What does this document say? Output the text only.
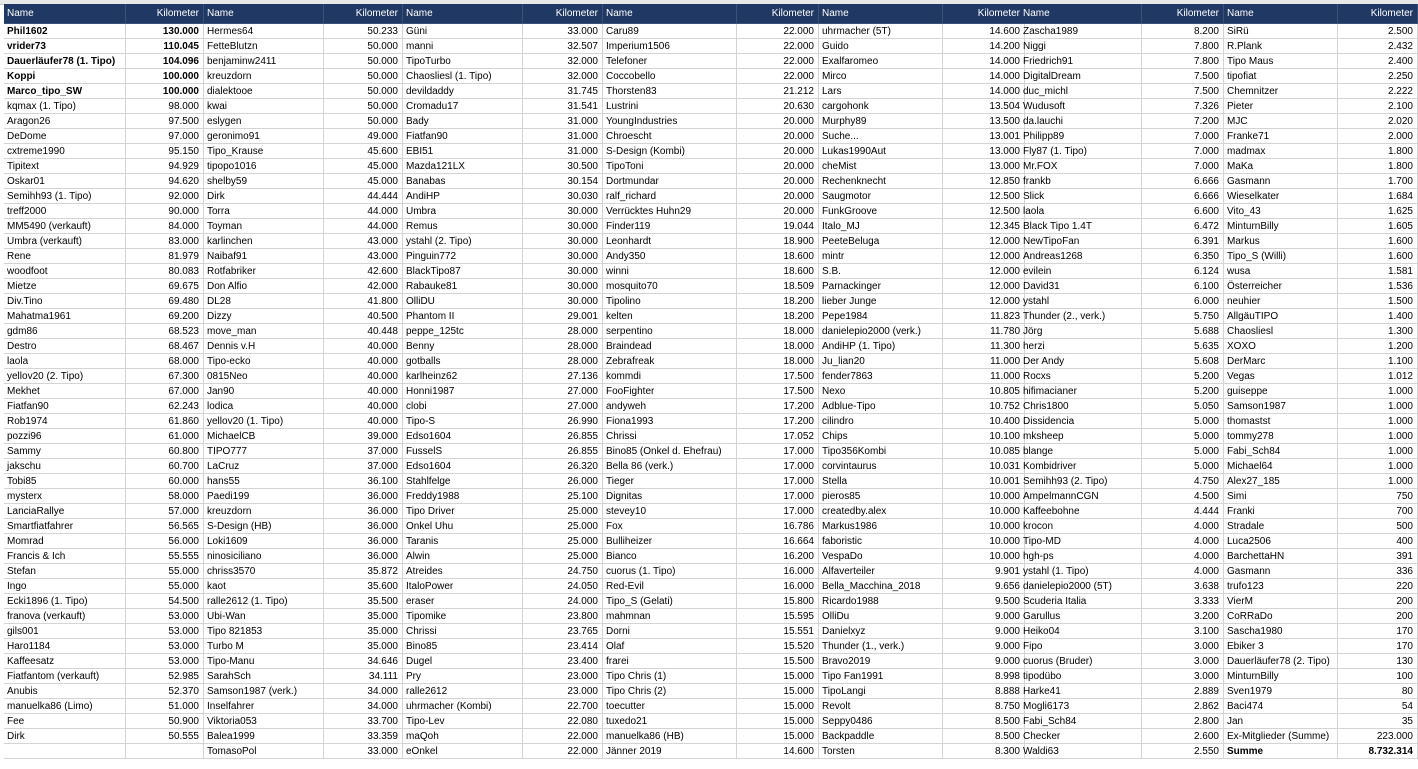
Name	Kilometer
Phil1602	130.000
vrider73	110.045
Dauerläufer78 (1. Tipo)	104.096
Koppi	100.000
Marco_tipo_SW	100.000
kqmax (1. Tipo)	98.000
Aragon26	97.500
DeDome	97.000
cxtreme1990	95.150
Tipitext	94.929
Oskar01	94.620
Semihh93 (1. Tipo)	92.000
treff2000	90.000
MM5490 (verkauft)	84.000
Umbra (verkauft)	83.000
Rene	81.979
woodfoot	80.083
Mietze	69.675
Div.Tino	69.480
Mahatma1961	69.200
gdm86	68.523
Destro	68.467
laola	68.000
yellov20 (2. Tipo)	67.300
Mekhet	67.000
Fiatfan90	62.243
Rob1974	61.860
pozzi96	61.000
Sammy	60.800
jakschu	60.700
Tobi85	60.000
mysterx	58.000
LanciaRallye	57.000
Smartfiatfahrer	56.565
Momrad	56.000
Francis & Ich	55.555
Stefan	55.000
Ingo	55.000
Ecki1896 (1. Tipo)	54.500
franova (verkauft)	53.000
gils001	53.000
Haro1184	53.000
Kaffeesatz	53.000
Fiatfantom (verkauft)	52.985
Anubis	52.370
manuelka86 (Limo)	51.000
Fee	50.900
Dirk	50.555
Name	Kilometer
Hermes64	50.233
FetteBlutzn	50.000
benjaminw2411	50.000
kreuzdorn	50.000
dialektooe	50.000
kwai	50.000
eslygen	50.000
geronimo91	49.000
Tipo_Krause	45.600
tipopo1016	45.000
shelby59	45.000
Dirk	44.444
Torra	44.000
Toyman	44.000
karlinchen	43.000
Naibaf91	43.000
Rotfabriker	42.600
Don Alfio	42.000
DL28	41.800
Dizzy	40.500
move_man	40.448
Dennis v.H	40.000
Tipo-ecko	40.000
0815Neo	40.000
Jan90	40.000
lodica	40.000
yellov20 (1. Tipo)	40.000
MichaelCB	39.000
TIPO777	37.000
LaCruz	37.000
hans55	36.100
Paedi199	36.000
kreuzdorn	36.000
S-Design (HB)	36.000
Loki1609	36.000
ninosiciliano	36.000
chriss3570	35.872
kaot	35.600
ralle2612 (1. Tipo)	35.500
Ubi-Wan	35.000
Tipo 821853	35.000
Turbo M	35.000
Tipo-Manu	34.646
SarahSch	34.111
Samson1987 (verk.)	34.000
Inselfahrer	34.000
Viktoria053	33.700
Balea1999	33.359
TomasoPol	33.000
Name	Kilometer
Güni	33.000
manni	32.507
TipoTurbo	32.000
Chaosliesl (1. Tipo)	32.000
devildaddy	31.745
Cromadu17	31.541
Bady	31.000
Fiatfan90	31.000
EBI51	31.000
Mazda121LX	30.500
Banabas	30.154
AndiHP	30.030
Umbra	30.000
Remus	30.000
ystahl (2. Tipo)	30.000
Pinguin772	30.000
BlackTipo87	30.000
Rabauke81	30.000
OlliDU	30.000
Phantom II	29.001
peppe_125tc	28.000
Benny	28.000
gotballs	28.000
karlheinz62	27.136
Honni1987	27.000
clobi	27.000
Tipo-S	26.990
Edso1604	26.855
FusselS	26.855
Edso1604	26.320
Stahlfelge	26.000
Freddy1988	25.100
Tipo Driver	25.000
Onkel Uhu	25.000
Taranis	25.000
Alwin	25.000
Atreides	24.750
ItaloPower	24.050
eraser	24.000
Tipomike	23.800
Chrissi	23.765
Bino85	23.414
Dugel	23.400
Pry	23.000
ralle2612	23.000
uhrmacher (Kombi)	22.700
Tipo-Lev	22.080
maQoh	22.000
eOnkel	22.000
Name	Kilometer
Caru89	22.000
Imperium1506	22.000
Telefoner	22.000
Coccobello	22.000
Thorsten83	21.212
Lustrini	20.630
YoungIndustries	20.000
Chroescht	20.000
S-Design (Kombi)	20.000
TipoToni	20.000
Dortmundar	20.000
ralf_richard	20.000
Verrücktes Huhn29	20.000
Finder119	19.044
Leonhardt	18.900
Andy350	18.600
winni	18.600
mosquito70	18.509
Tipolino	18.200
kelten	18.200
serpentino	18.000
Braindead	18.000
Zebrafreak	18.000
kommdi	17.500
FooFighter	17.500
andyweh	17.200
Fiona1993	17.200
Chrissi	17.052
Bino85 (Onkel d. Ehefrau)	17.000
Bella 86 (verk.)	17.000
Tieger	17.000
Dignitas	17.000
stevey10	17.000
Fox	16.786
Bulliheizer	16.664
Bianco	16.200
cuorus (1. Tipo)	16.000
Red-Evil	16.000
Tipo_S (Gelati)	15.800
mahmnan	15.595
Dorni	15.551
Olaf	15.520
frarei	15.500
Tipo Chris (1)	15.000
Tipo Chris (2)	15.000
toecutter	15.000
tuxedo21	15.000
manuelka86 (HB)	15.000
Jänner 2019	14.600
Name	Kilometer
uhrmacher (5T)	14.600
Guido	14.200
Exalfaromeo	14.000
Mirco	14.000
Lars	14.000
cargohonk	13.504
Murphy89	13.500
Suche...	13.001
Lukas1990Aut	13.000
cheMist	13.000
Rechenknecht	12.850
Saugmotor	12.500
FunkGroove	12.500
Italo_MJ	12.345
PeeteBeluga	12.000
mintr	12.000
S.B.	12.000
Parnackinger	12.000
lieber Junge	12.000
Pepe1984	11.823
danielepio2000 (verk.)	11.780
AndiHP (1. Tipo)	11.300
Ju_lian20	11.000
fender7863	11.000
Nexo	10.805
Adblue-Tipo	10.752
cilindro	10.400
Chips	10.100
Tipo356Kombi	10.085
corvintaurus	10.031
Stella	10.001
pieros85	10.000
createdby.alex	10.000
Markus1986	10.000
faboristic	10.000
VespaDo	10.000
Alfaverteiler	9.901
Bella_Macchina_2018	9.656
Ricardo1988	9.500
OlliDu	9.000
Danielxyz	9.000
Thunder (1., verk.)	9.000
Bravo2019	9.000
Tipo Fan1991	8.998
TipoLangi	8.888
Revolt	8.750
Seppy0486	8.500
Backpaddle	8.500
Torsten	8.300
Name	Kilometer
Zascha1989	8.200
Niggi	7.800
Friedrich91	7.800
DigitalDream	7.500
duc_michl	7.500
Wudusoft	7.326
da.lauchi	7.200
Philipp89	7.000
Fly87 (1. Tipo)	7.000
Mr.FOX	7.000
frankb	6.666
Slick	6.666
laola	6.600
Black Tipo 1.4T	6.472
NewTipoFan	6.391
Andreas1268	6.350
evilein	6.124
David31	6.100
ystahl	6.000
Thunder (2., verk.)	5.750
Jörg	5.688
herzi	5.635
Der Andy	5.608
Rocxs	5.200
hifimacianer	5.200
Chris1800	5.050
Dissidencia	5.000
mksheep	5.000
blange	5.000
Kombidriver	5.000
Semihh93 (2. Tipo)	4.750
AmpelmannCGN	4.500
Kaffeebohne	4.444
krocon	4.000
Tipo-MD	4.000
hgh-ps	4.000
ystahl (1. Tipo)	4.000
danielepio2000 (5T)	3.638
Scuderia Italia	3.333
Garullus	3.200
Heiko04	3.100
Fipo	3.000
cuorus (Bruder)	3.000
tipodübo	3.000
Harke41	2.889
Mogli6173	2.862
Fabi_Sch84	2.800
Checker	2.600
Waldi63	2.550
Name	Kilometer
SiRü	2.500
R.Plank	2.432
Tipo Maus	2.400
tipofiat	2.250
Chemnitzer	2.222
Pieter	2.100
MJC	2.020
Franke71	2.000
madmax	1.800
MaKa	1.800
Gasmann	1.700
Wieselkater	1.684
Vito_43	1.625
MinturnBilly	1.605
Markus	1.600
Tipo_S (Willi)	1.600
wusa	1.581
Österreicher	1.536
neuhier	1.500
AllgäuTIPO	1.400
Chaosliesl	1.300
XOXO	1.200
DerMarc	1.100
Vegas	1.012
guiseppe	1.000
Samson1987	1.000
thomastst	1.000
tommy278	1.000
Fabi_Sch84	1.000
Michael64	1.000
Alex27_185	1.000
Simi	750
Franki	700
Stradale	500
Luca2506	400
BarchettaHN	391
Gasmann	336
trufo123	220
VierM	200
CoRRaDo	200
Sascha1980	170
Ebiker 3	170
Dauerläufer78 (2. Tipo)	130
MinturnBilly	100
Sven1979	80
Baci474	54
Jan	35
Ex-Mitglieder (Summe)	223.000
Summe	8.732.314
